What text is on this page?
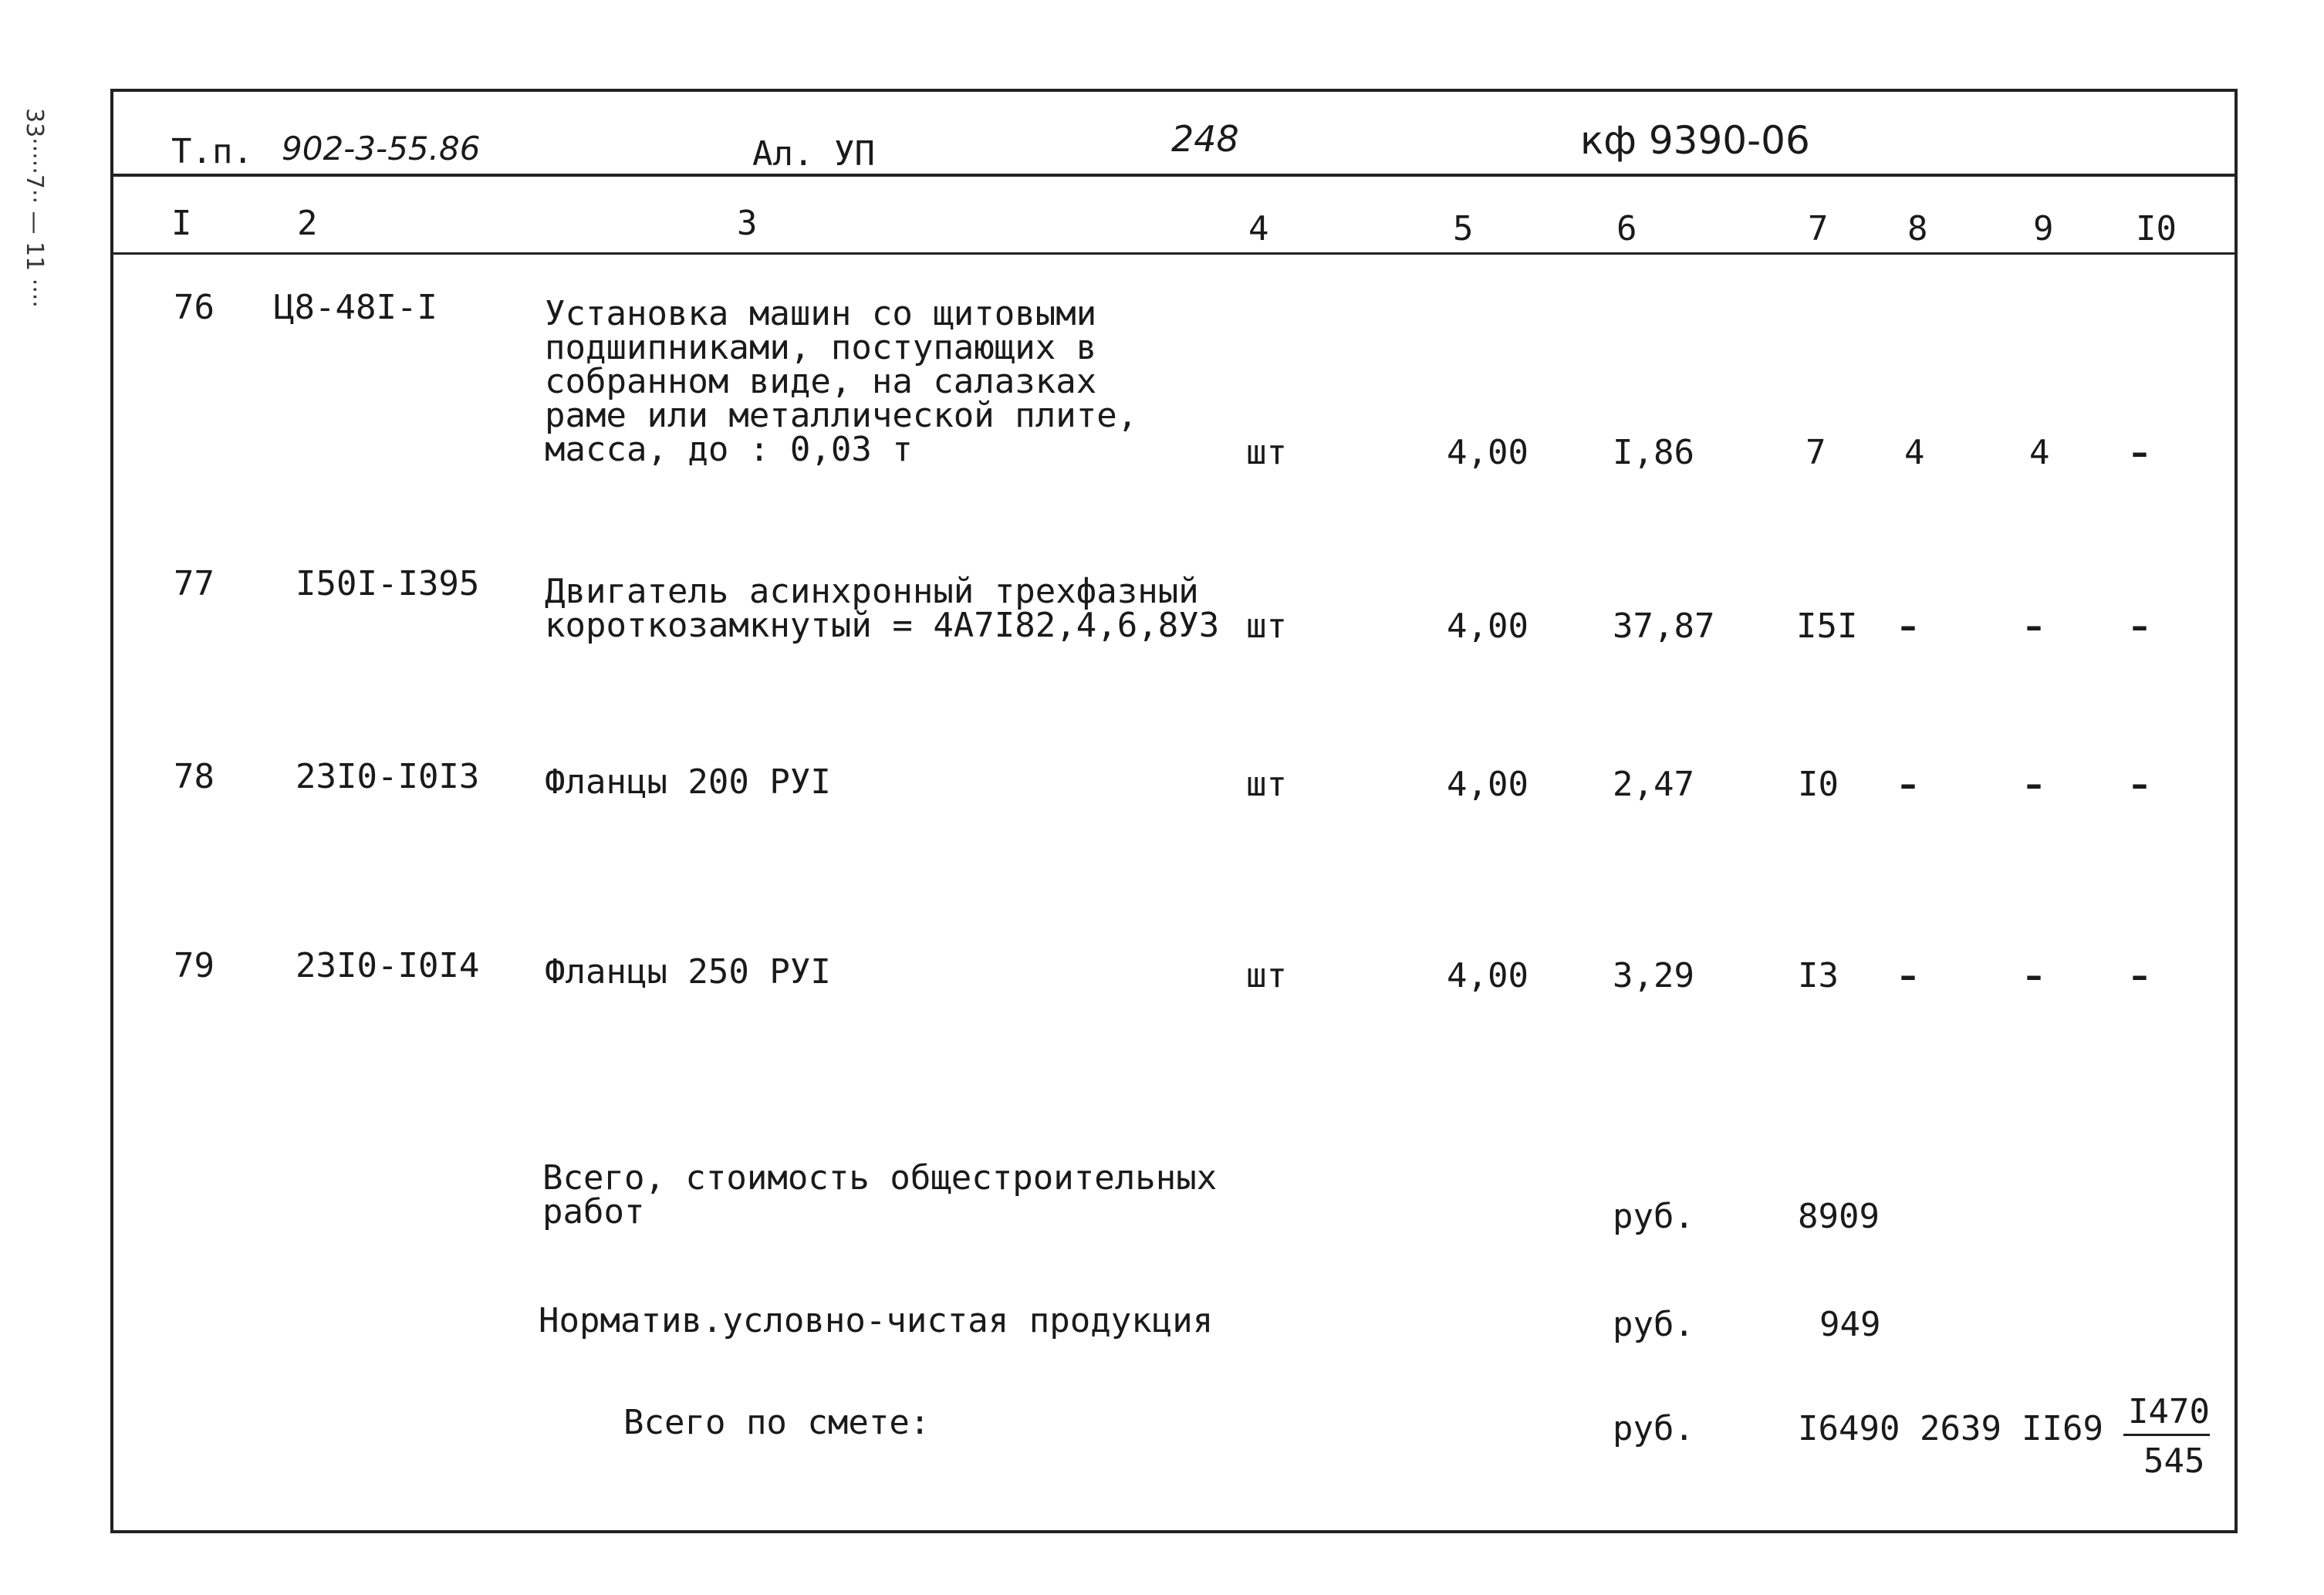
33·····7·· — 11 ····	Т.п. 902-3-55.86	Ал. УП	248	кф 9390-06
I	2	3	4	5	6	7 8	9 I0
76 Ц8-48I-I	Установка машин со щитовыми
подшипниками, поступающих в
собранном виде, на салазках
раме или металлической плите,
масса, до : 0,03 т	шт	4,00 I,86	7 4	4 –
77 I50I-I395 Двигатель асинхронный трехфазный
короткозамкнутый = 4А7I82,4,6,8У3 шт	4,00 37,87 I5I –	–	–
78 23I0-I0I3 Фланцы 200 РУI	шт	4,00 2,47	I0 –	–	–
79 23I0-I0I4 Фланцы 250 РУI	шт	4,00 3,29	I3 –	–	–
Всего, стоимость общестроительных
работ	руб.	8909
Норматив.условно-чистая продукция	руб.	949
Всего по смете:	руб.	I6490 2639 II69 I470
545
